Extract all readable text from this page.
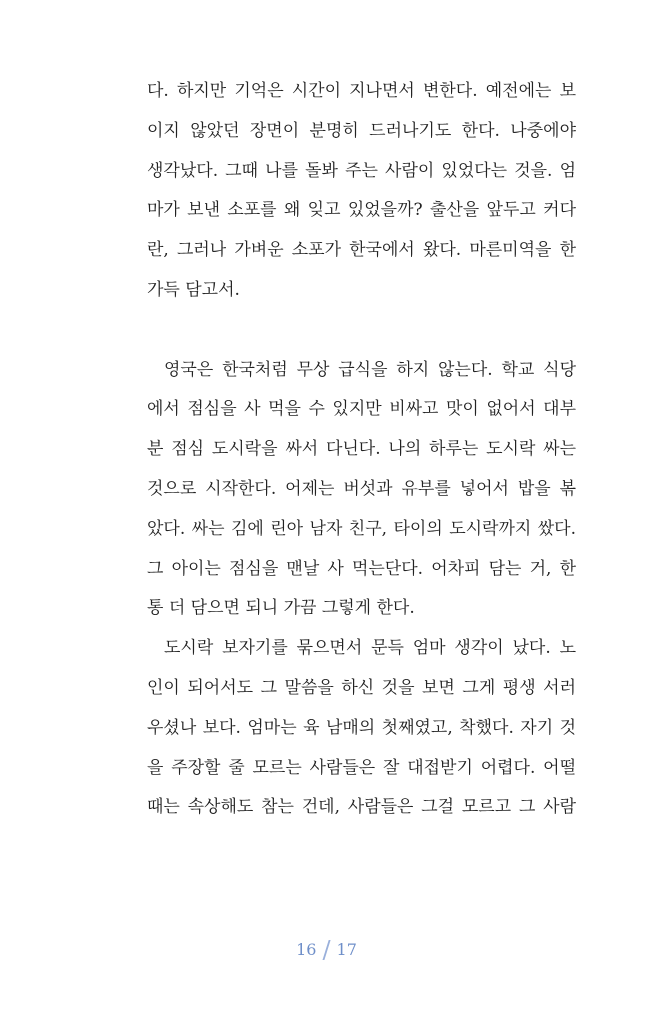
다. 하지만 기억은 시간이 지나면서 변한다. 예전에는 보
이지 않았던 장면이 분명히 드러나기도 한다. 나중에야
생각났다. 그때 나를 돌봐 주는 사람이 있었다는 것을. 엄
마가 보낸 소포를 왜 잊고 있었을까? 출산을 앞두고 커다
란, 그러나 가벼운 소포가 한국에서 왔다. 마른미역을 한
가득 담고서.
영국은 한국처럼 무상 급식을 하지 않는다. 학교 식당
에서 점심을 사 먹을 수 있지만 비싸고 맛이 없어서 대부
분 점심 도시락을 싸서 다닌다. 나의 하루는 도시락 싸는
것으로 시작한다. 어제는 버섯과 유부를 넣어서 밥을 볶
았다. 싸는 김에 린아 남자 친구, 타이의 도시락까지 쌌다.
그 아이는 점심을 맨날 사 먹는단다. 어차피 담는 거, 한
통 더 담으면 되니 가끔 그렇게 한다.
도시락 보자기를 묶으면서 문득 엄마 생각이 났다. 노
인이 되어서도 그 말씀을 하신 것을 보면 그게 평생 서러
우셨나 보다. 엄마는 육 남매의 첫째였고, 착했다. 자기 것
을 주장할 줄 모르는 사람들은 잘 대접받기 어렵다. 어떨
때는 속상해도 참는 건데, 사람들은 그걸 모르고 그 사람
16 / 17
